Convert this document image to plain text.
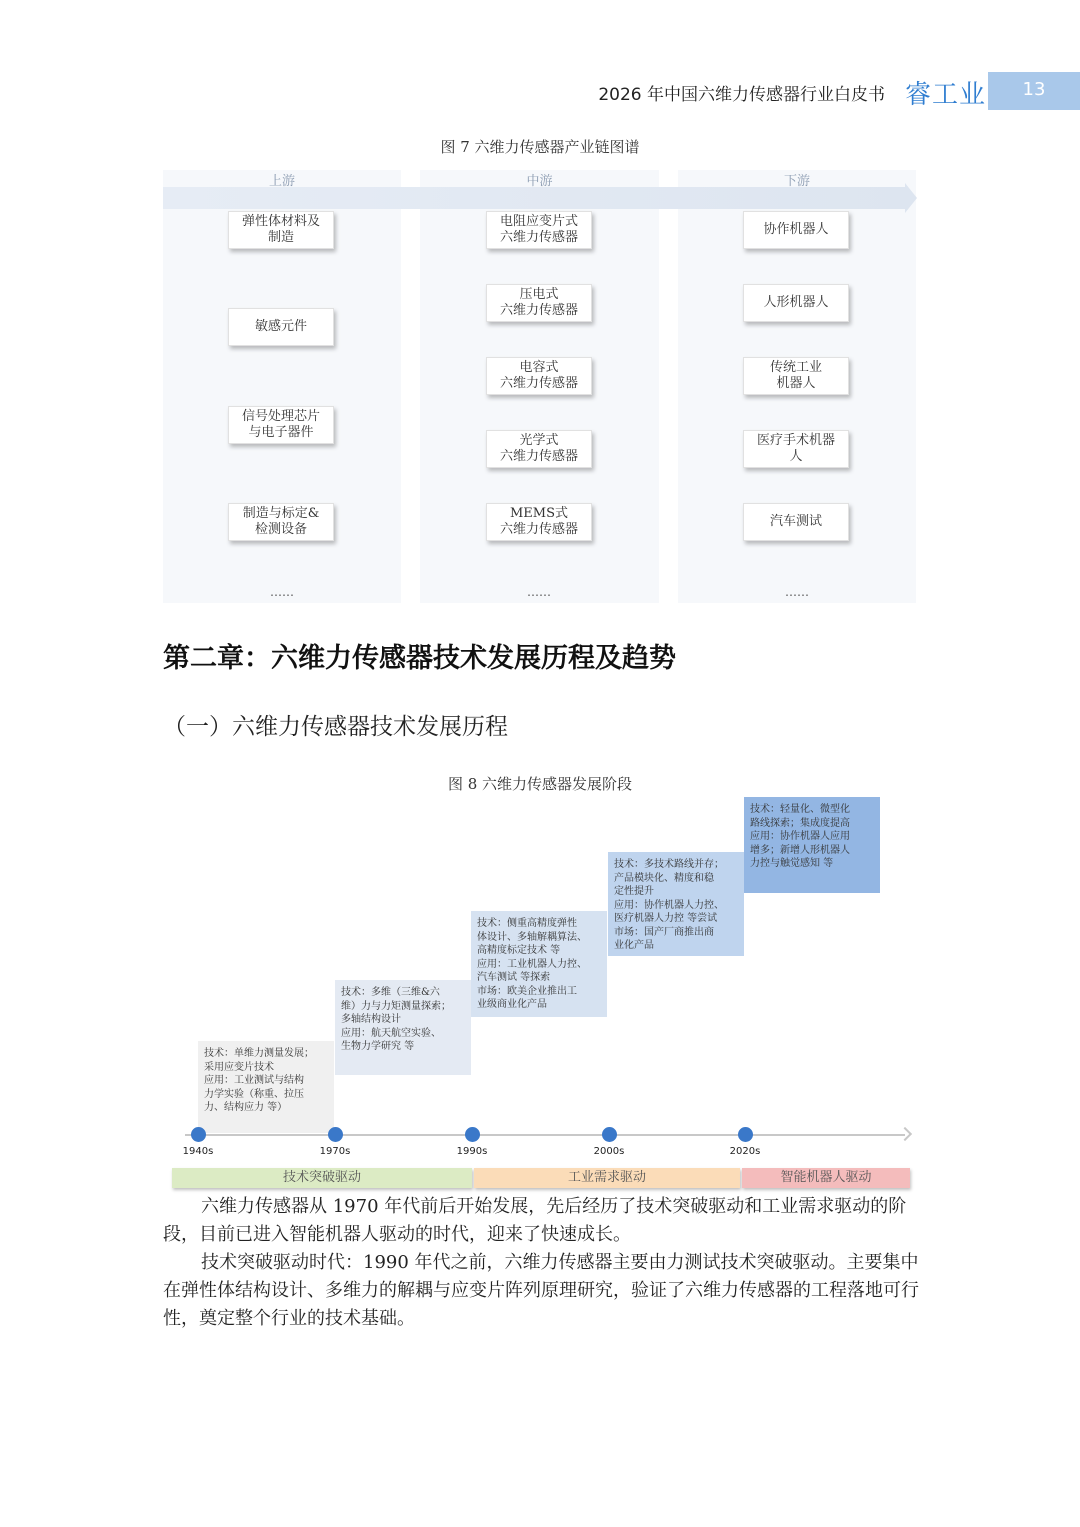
2026 年中国六维力传感器行业白皮书 睿工业	13
图 7 六维力传感器产业链图谱
上游	中游	下游
弹性体材料及
制造
敏感元件
信号处理芯片
与电子器件
制造与标定&
检测设备
……
电阻应变片式
六维力传感器
压电式
六维力传感器
电容式
六维力传感器
光学式
六维力传感器
MEMS式
六维力传感器
……
协作机器人
人形机器人
传统工业
机器人
医疗手术机器
人
汽车测试
……
第二章：六维力传感器技术发展历程及趋势
（一）六维力传感器技术发展历程
图 8 六维力传感器发展阶段
技术：单维力测量发展；
采用应变片技术
应用：工业测试与结构
力学实验（称重、拉压
力、结构应力 等）
技术：多维（三维&六
维）力与力矩测量探索；
多轴结构设计
应用：航天航空实验、
生物力学研究 等
技术：侧重高精度弹性
体设计、多轴解耦算法、
高精度标定技术 等
应用：工业机器人力控、
汽车测试 等探索
市场：欧美企业推出工
业级商业化产品
技术：多技术路线并存；
产品模块化、精度和稳
定性提升
应用：协作机器人力控、
医疗机器人力控 等尝试
市场：国产厂商推出商
业化产品
技术：轻量化、微型化
路线探索；集成度提高
应用：协作机器人应用
增多；新增人形机器人
力控与触觉感知 等
1940s	1970s	1990s	2000s	2020s
技术突破驱动	工业需求驱动	智能机器人驱动
六维力传感器从 1970 年代前后开始发展，先后经历了技术突破驱动和工业需求驱动的阶段，目前已进入智能机器人驱动的时代，迎来了快速成长。
技术突破驱动时代：1990 年代之前，六维力传感器主要由力测试技术突破驱动。主要集中在弹性体结构设计、多维力的解耦与应变片阵列原理研究，验证了六维力传感器的工程落地可行性，奠定整个行业的技术基础。
